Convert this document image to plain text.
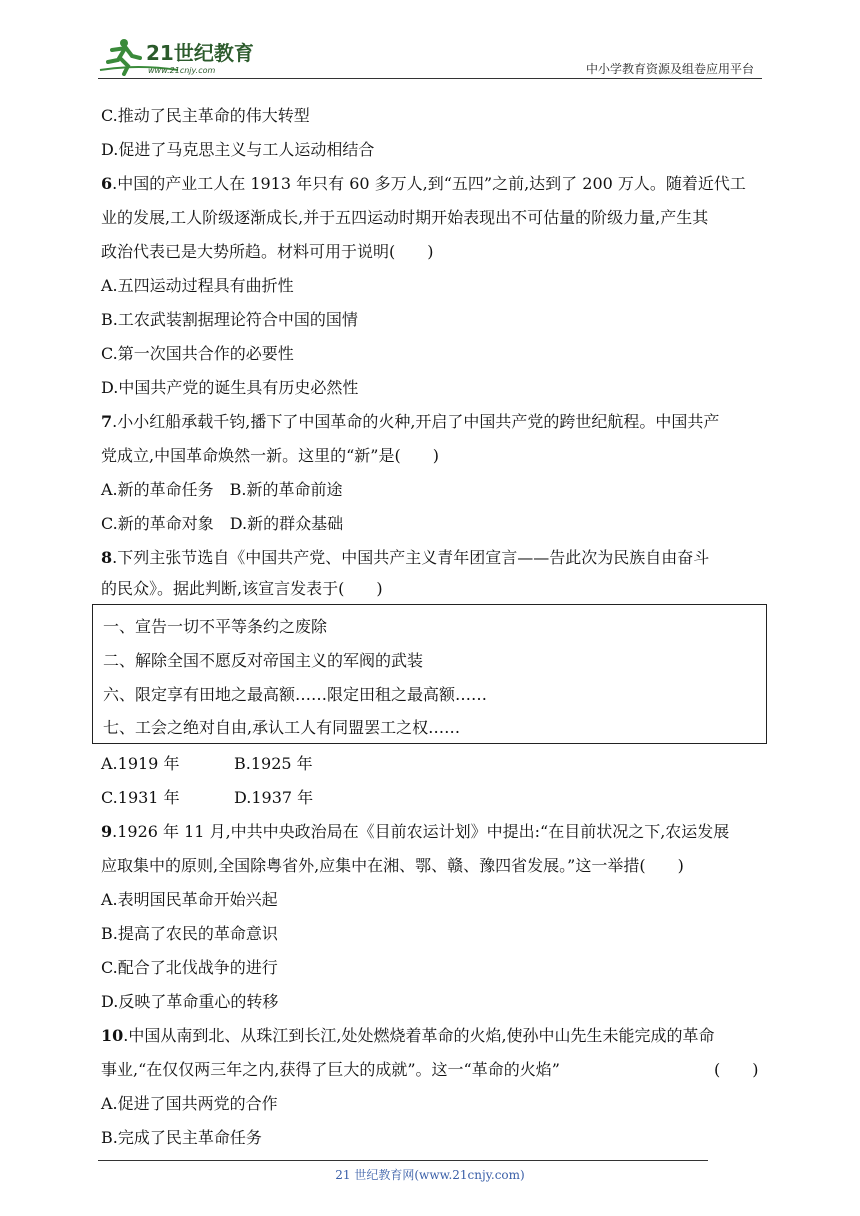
21世纪教育
www.21cnjy.com	中小学教育资源及组卷应用平台
C.推动了民主革命的伟大转型
D.促进了马克思主义与工人运动相结合
6.中国的产业工人在 1913 年只有 60 多万人,到“五四”之前,达到了 200 万人。随着近代工
业的发展,工人阶级逐渐成长,并于五四运动时期开始表现出不可估量的阶级力量,产生其
政治代表已是大势所趋。材料可用于说明(　　)
A.五四运动过程具有曲折性
B.工农武装割据理论符合中国的国情
C.第一次国共合作的必要性
D.中国共产党的诞生具有历史必然性
7.小小红船承载千钧,播下了中国革命的火种,开启了中国共产党的跨世纪航程。中国共产
党成立,中国革命焕然一新。这里的“新”是(　　)
A.新的革命任务　B.新的革命前途
C.新的革命对象　D.新的群众基础
8.下列主张节选自《中国共产党、中国共产主义青年团宣言——告此次为民族自由奋斗
的民众》。据此判断,该宣言发表于(　　)
一、宣告一切不平等条约之废除
二、解除全国不愿反对帝国主义的军阀的武装
六、限定享有田地之最高额……限定田租之最高额……
七、工会之绝对自由,承认工人有同盟罢工之权……
A.1919 年	B.1925 年
C.1931 年	D.1937 年
9.1926 年 11 月,中共中央政治局在《目前农运计划》中提出:“在目前状况之下,农运发展
应取集中的原则,全国除粤省外,应集中在湘、鄂、赣、豫四省发展。”这一举措(　　)
A.表明国民革命开始兴起
B.提高了农民的革命意识
C.配合了北伐战争的进行
D.反映了革命重心的转移
10.中国从南到北、从珠江到长江,处处燃烧着革命的火焰,使孙中山先生未能完成的革命
事业,“在仅仅两三年之内,获得了巨大的成就”。这一“革命的火焰”	(　　)
A.促进了国共两党的合作
B.完成了民主革命任务
21 世纪教育网(www.21cnjy.com)
